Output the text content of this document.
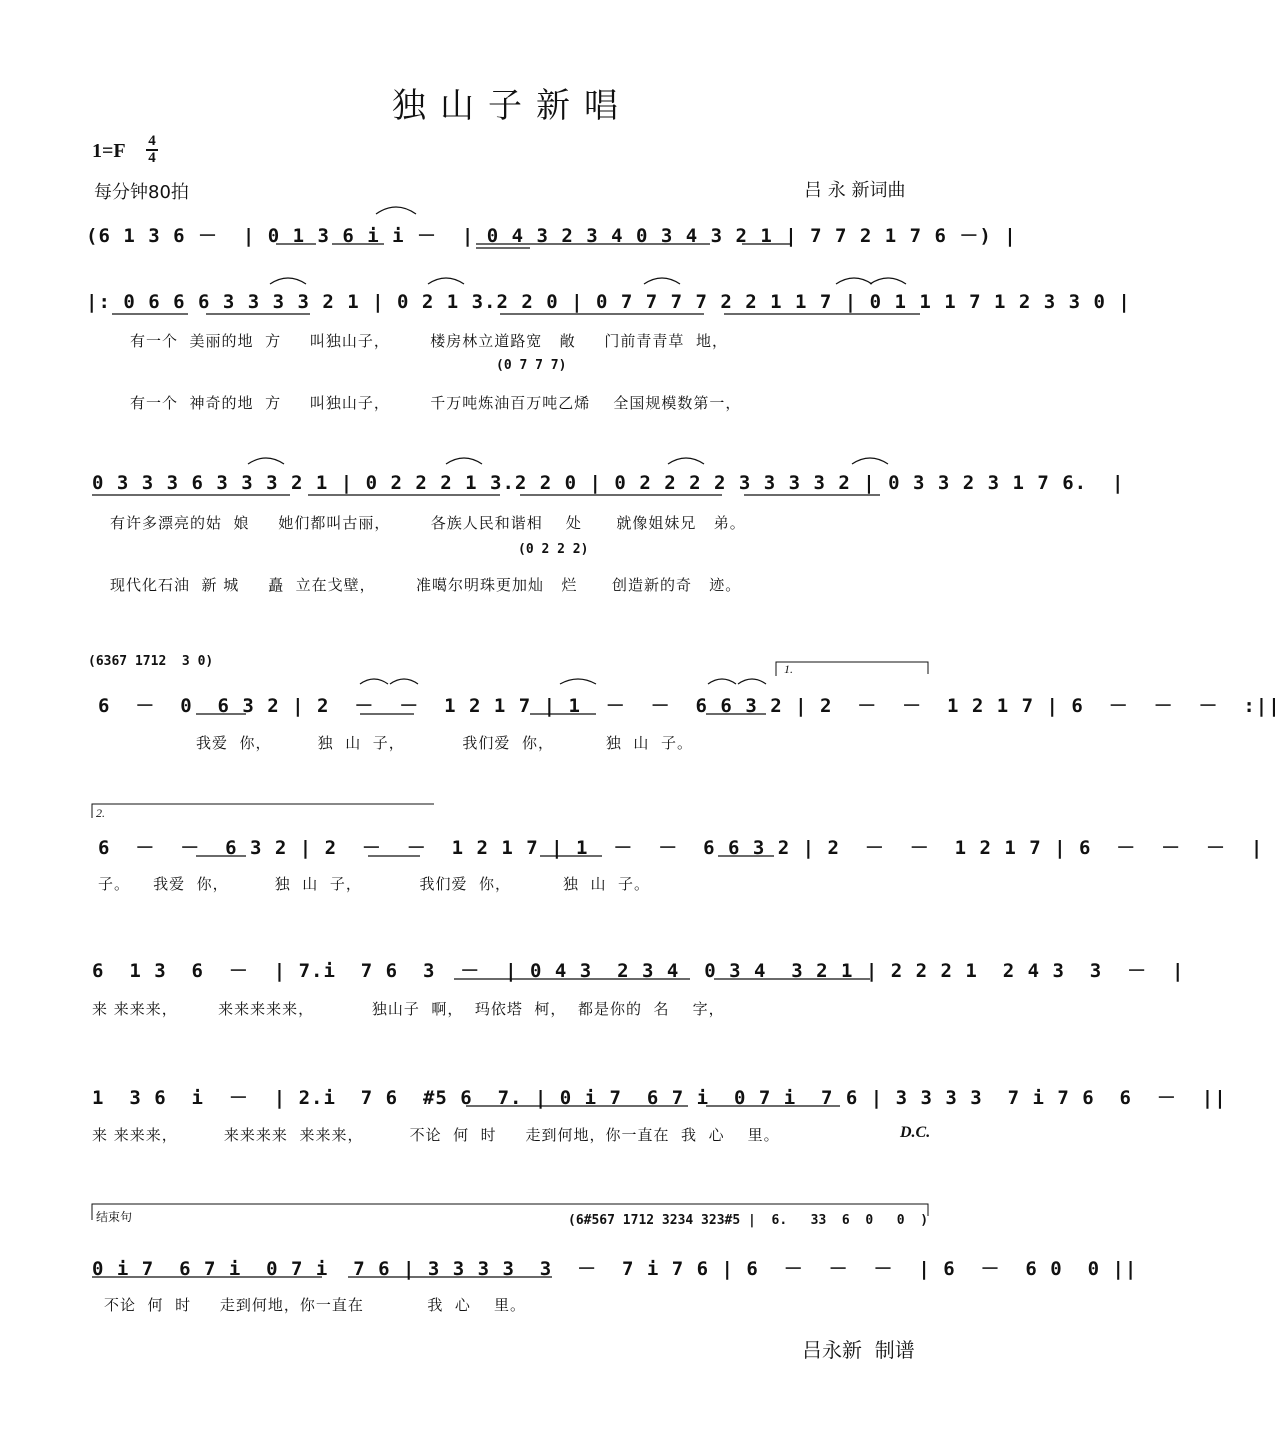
独山子新唱
1=F 4
4
每分钟80拍	吕 永 新词曲
(6 1 3 6 －  | 0 1 3 6 i i －  | 0 4 3 2 3 4 0 3 4 3 2 1 | 7 7 2 1 7 6 －) |
|: 0 6 6 6 3 3 3 3 2 1 | 0 2 1 3.2 2 0 | 0 7 7 7 7 2 2 1 1 7 | 0 1 1 1 7 1 2 3 3 0 |
有一个  美丽的地  方     叫独山子，       楼房林立道路宽   敞     门前青青草  地，
(0 7 7 7)
有一个  神奇的地  方     叫独山子，       千万吨炼油百万吨乙烯    全国规模数第一，
0 3 3 3 6 3 3 3 2 1 | 0 2 2 2 1 3.2 2 0 | 0 2 2 2 2 3 3 3 3 2 | 0 3 3 2 3 1 7 6.  |
有许多漂亮的姑  娘     她们都叫古丽，       各族人民和谐相    处      就像姐妹兄   弟。
(0 2 2 2)
现代化石油  新 城     矗  立在戈壁，       准噶尔明珠更加灿   烂      创造新的奇   迹。
(6367 1712  3 0)	1.
6  －  0  6 3 2 | 2  －  －  1 2 1 7 | 1  －  －  6 6 3 2 | 2  －  －  1 2 1 7 | 6  －  －  －  :||
我爱  你，        独  山  子，          我们爱  你，         独  山  子。
2.
6  －  －  6 3 2 | 2  －  －  1 2 1 7 | 1  －  －  6 6 3 2 | 2  －  －  1 2 1 7 | 6  －  －  －  |
子。    我爱  你，        独  山  子，          我们爱  你，         独  山  子。
6  1 3  6  －  | 7.i  7 6  3  －  | 0 4 3  2 3 4  0 3 4  3 2 1 | 2 2 2 1  2 4 3  3  －  |
来 来来来，       来来来来来，          独山子  啊，  玛依塔  柯，  都是你的  名    字，
1  3 6  i  －  | 2.i  7 6  #5 6  7. | 0 i 7  6 7 i  0 7 i  7 6 | 3 3 3 3  7 i 7 6  6  －  ||
来 来来来，        来来来来  来来来，        不论  何  时     走到何地，你一直在  我  心    里。	D.C.
结束句	(6#567 1712 3234 323#5 |  6.   33  6  0   0  )
0 i 7  6 7 i  0 7 i  7 6 | 3 3 3 3  3  －  7 i 7 6 | 6  －  －  －  | 6  －  6 0  0 ||
不论  何  时     走到何地，你一直在           我  心    里。
吕永新  制谱
